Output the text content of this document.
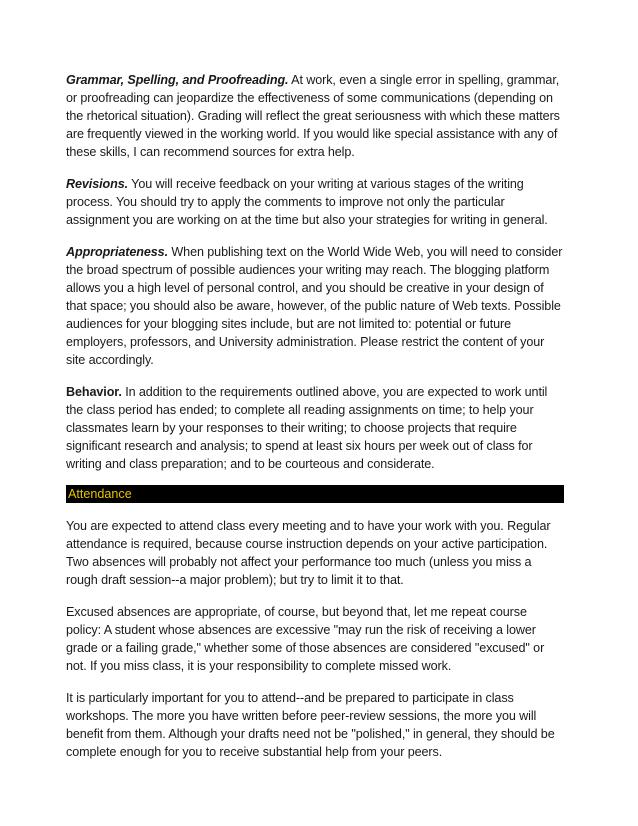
Grammar, Spelling, and Proofreading. At work, even a single error in spelling, grammar, or proofreading can jeopardize the effectiveness of some communications (depending on the rhetorical situation). Grading will reflect the great seriousness with which these matters are frequently viewed in the working world. If you would like special assistance with any of these skills, I can recommend sources for extra help.

Revisions. You will receive feedback on your writing at various stages of the writing process. You should try to apply the comments to improve not only the particular assignment you are working on at the time but also your strategies for writing in general.

Appropriateness. When publishing text on the World Wide Web, you will need to consider the broad spectrum of possible audiences your writing may reach. The blogging platform allows you a high level of personal control, and you should be creative in your design of that space; you should also be aware, however, of the public nature of Web texts. Possible audiences for your blogging sites include, but are not limited to: potential or future employers, professors, and University administration. Please restrict the content of your site accordingly.

Behavior. In addition to the requirements outlined above, you are expected to work until the class period has ended; to complete all reading assignments on time; to help your classmates learn by your responses to their writing; to choose projects that require significant research and analysis; to spend at least six hours per week out of class for writing and class preparation; and to be courteous and considerate.

Attendance

You are expected to attend class every meeting and to have your work with you. Regular attendance is required, because course instruction depends on your active participation. Two absences will probably not affect your performance too much (unless you miss a rough draft session--a major problem); but try to limit it to that.

Excused absences are appropriate, of course, but beyond that, let me repeat course policy: A student whose absences are excessive "may run the risk of receiving a lower grade or a failing grade," whether some of those absences are considered "excused" or not. If you miss class, it is your responsibility to complete missed work.

It is particularly important for you to attend--and be prepared to participate in class workshops. The more you have written before peer-review sessions, the more you will benefit from them. Although your drafts need not be "polished," in general, they should be complete enough for you to receive substantial help from your peers.
